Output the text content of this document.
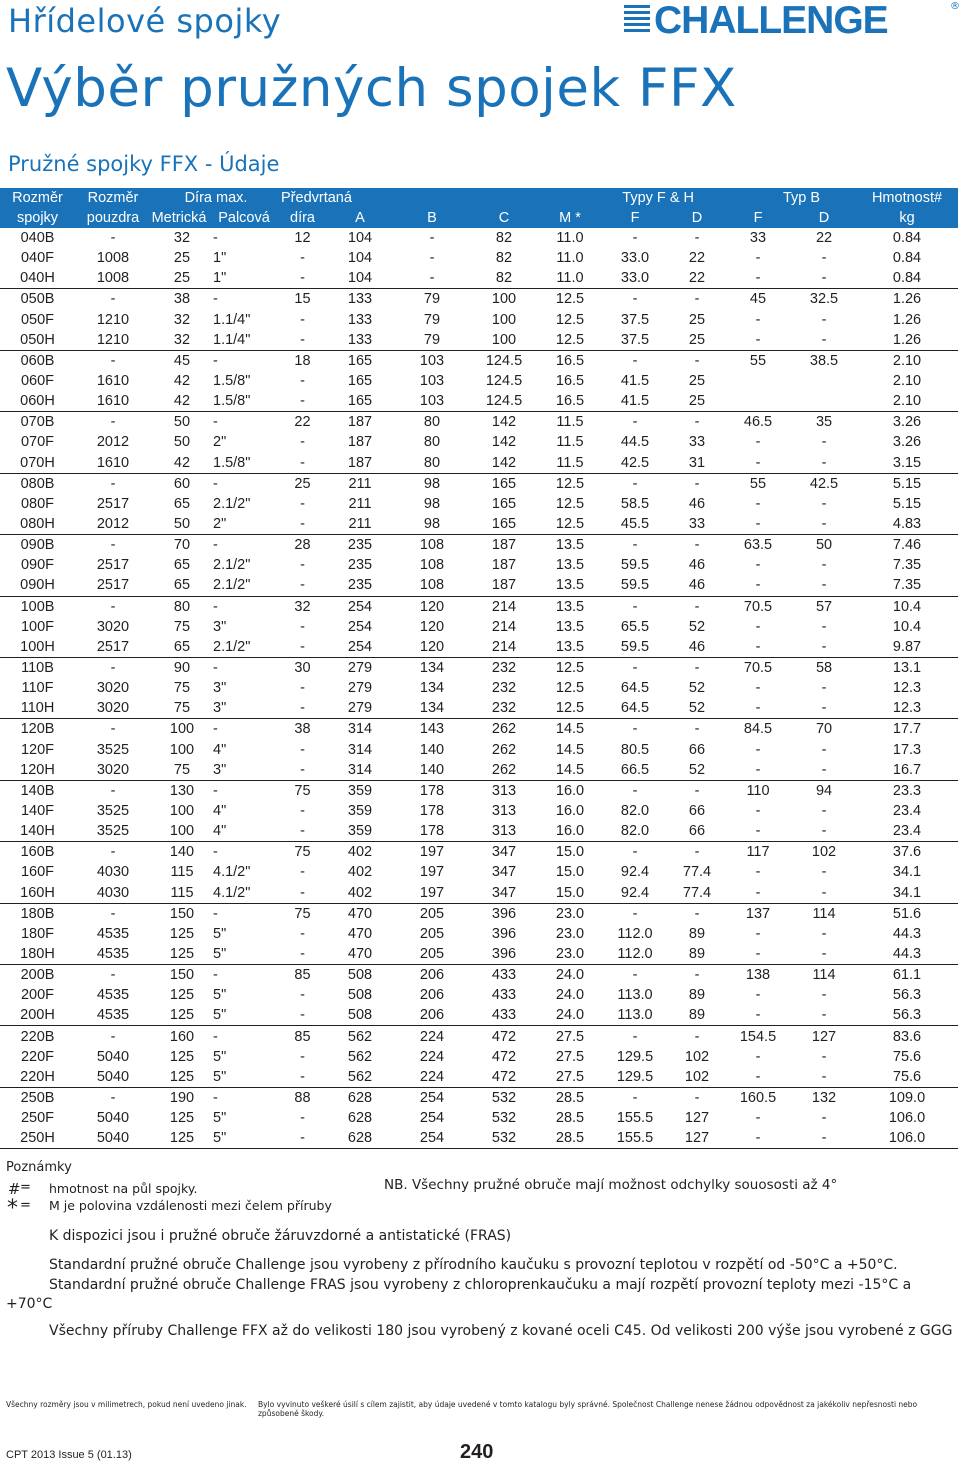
Hřídelové spojky	CHALLENGE	®
Výběr pružných spojek FFX
Pružné spojky FFX - Údaje
Rozměr	Rozměr	Díra max.		Předvrtaná					Typy F & H		Typ B		Hmotnost#
spojky	pouzdra	Metrická	Palcová	díra	A	B	C	M *	F	D	F	D	kg
040B	-	32	-	12	104	-	82	11.0	-	-	33	22	0.84
040F	1008	25	1"	-	104	-	82	11.0	33.0	22	-	-	0.84
040H	1008	25	1"	-	104	-	82	11.0	33.0	22	-	-	0.84
050B	-	38	-	15	133	79	100	12.5	-	-	45	32.5	1.26
050F	1210	32	1.1/4"	-	133	79	100	12.5	37.5	25	-	-	1.26
050H	1210	32	1.1/4"	-	133	79	100	12.5	37.5	25	-	-	1.26
060B	-	45	-	18	165	103	124.5	16.5	-	-	55	38.5	2.10
060F	1610	42	1.5/8"	-	165	103	124.5	16.5	41.5	25			2.10
060H	1610	42	1.5/8"	-	165	103	124.5	16.5	41.5	25			2.10
070B	-	50	-	22	187	80	142	11.5	-	-	46.5	35	3.26
070F	2012	50	2"	-	187	80	142	11.5	44.5	33	-	-	3.26
070H	1610	42	1.5/8"	-	187	80	142	11.5	42.5	31	-	-	3.15
080B	-	60	-	25	211	98	165	12.5	-	-	55	42.5	5.15
080F	2517	65	2.1/2"	-	211	98	165	12.5	58.5	46	-	-	5.15
080H	2012	50	2"	-	211	98	165	12.5	45.5	33	-	-	4.83
090B	-	70	-	28	235	108	187	13.5	-	-	63.5	50	7.46
090F	2517	65	2.1/2"	-	235	108	187	13.5	59.5	46	-	-	7.35
090H	2517	65	2.1/2"	-	235	108	187	13.5	59.5	46	-	-	7.35
100B	-	80	-	32	254	120	214	13.5	-	-	70.5	57	10.4
100F	3020	75	3"	-	254	120	214	13.5	65.5	52	-	-	10.4
100H	2517	65	2.1/2"	-	254	120	214	13.5	59.5	46	-	-	9.87
110B	-	90	-	30	279	134	232	12.5	-	-	70.5	58	13.1
110F	3020	75	3"	-	279	134	232	12.5	64.5	52	-	-	12.3
110H	3020	75	3"	-	279	134	232	12.5	64.5	52	-	-	12.3
120B	-	100	-	38	314	143	262	14.5	-	-	84.5	70	17.7
120F	3525	100	4"	-	314	140	262	14.5	80.5	66	-	-	17.3
120H	3020	75	3"	-	314	140	262	14.5	66.5	52	-	-	16.7
140B	-	130	-	75	359	178	313	16.0	-	-	110	94	23.3
140F	3525	100	4"	-	359	178	313	16.0	82.0	66	-	-	23.4
140H	3525	100	4"	-	359	178	313	16.0	82.0	66	-	-	23.4
160B	-	140	-	75	402	197	347	15.0	-	-	117	102	37.6
160F	4030	115	4.1/2"	-	402	197	347	15.0	92.4	77.4	-	-	34.1
160H	4030	115	4.1/2"	-	402	197	347	15.0	92.4	77.4	-	-	34.1
180B	-	150	-	75	470	205	396	23.0	-	-	137	114	51.6
180F	4535	125	5"	-	470	205	396	23.0	112.0	89	-	-	44.3
180H	4535	125	5"	-	470	205	396	23.0	112.0	89	-	-	44.3
200B	-	150	-	85	508	206	433	24.0	-	-	138	114	61.1
200F	4535	125	5"	-	508	206	433	24.0	113.0	89	-	-	56.3
200H	4535	125	5"	-	508	206	433	24.0	113.0	89	-	-	56.3
220B	-	160	-	85	562	224	472	27.5	-	-	154.5	127	83.6
220F	5040	125	5"	-	562	224	472	27.5	129.5	102	-	-	75.6
220H	5040	125	5"	-	562	224	472	27.5	129.5	102	-	-	75.6
250B	-	190	-	88	628	254	532	28.5	-	-	160.5	132	109.0
250F	5040	125	5"	-	628	254	532	28.5	155.5	127	-	-	106.0
250H	5040	125	5"	-	628	254	532	28.5	155.5	127	-	-	106.0
Poznámky
# = hmotnost na půl spojky.
* = M je polovina vzdálenosti mezi čelem příruby
NB. Všechny pružné obruče mají možnost odchylky souososti až 4°
K dispozici jsou i pružné obruče žáruvzdorné a antistatické (FRAS)
Standardní pružné obruče Challenge jsou vyrobeny z přírodního kaučuku s provozní teplotou v rozpětí od -50°C a +50°C.
Standardní pružné obruče Challenge FRAS jsou vyrobeny z chloroprenkaučuku a mají rozpětí provozní teploty mezi -15°C a
+70°C
Všechny příruby Challenge FFX až do velikosti 180 jsou vyrobený z kované oceli C45. Od velikosti 200 výše jsou vyrobené z GGG
Všechny rozměry jsou v milimetrech, pokud není uvedeno jinak. Bylo vyvinuto veškeré úsilí s cílem zajistit, aby údaje uvedené v tomto katalogu byly správné. Společnost Challenge nenese žádnou odpovědnost za jakékoliv nepřesnosti nebo způsobené škody.
CPT 2013 Issue 5 (01.13)	240
